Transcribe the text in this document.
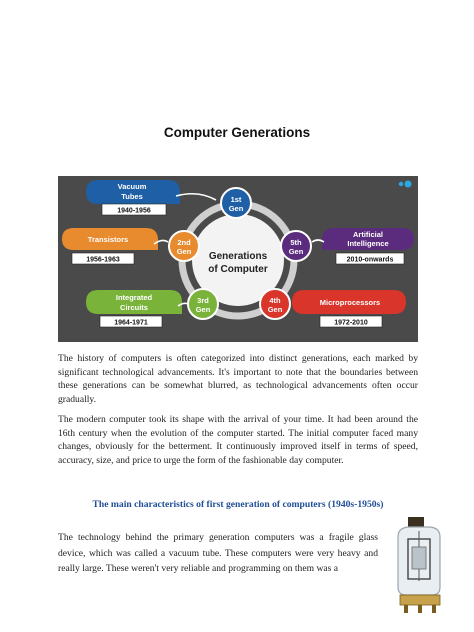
Computer Generations
Generations
of Computer
1st
Gen
2nd
Gen
3rd
Gen
4th
Gen
5th
Gen
Vacuum
Tubes
1940-1956
Transistors
1956-1963
Integrated
Circuits
1964-1971
Microprocessors
1972-2010
Artificial
Intelligence
2010-onwards

The history of computers is often categorized into distinct generations, each marked by significant technological advancements. It's important to note that the boundaries between these generations can be somewhat blurred, as technological advancements often occur gradually.

The modern computer took its shape with the arrival of your time. It had been around the 16th century when the evolution of the computer started. The initial computer faced many changes, obviously for the betterment. It continuously improved itself in terms of speed, accuracy, size, and price to urge the form of the fashionable day computer.

The main characteristics of first generation of computers (1940s-1950s)

The technology behind the primary generation computers was a fragile glass device, which was called a vacuum tube. These computers were very heavy and really large. These weren't very reliable and programming on them was a
